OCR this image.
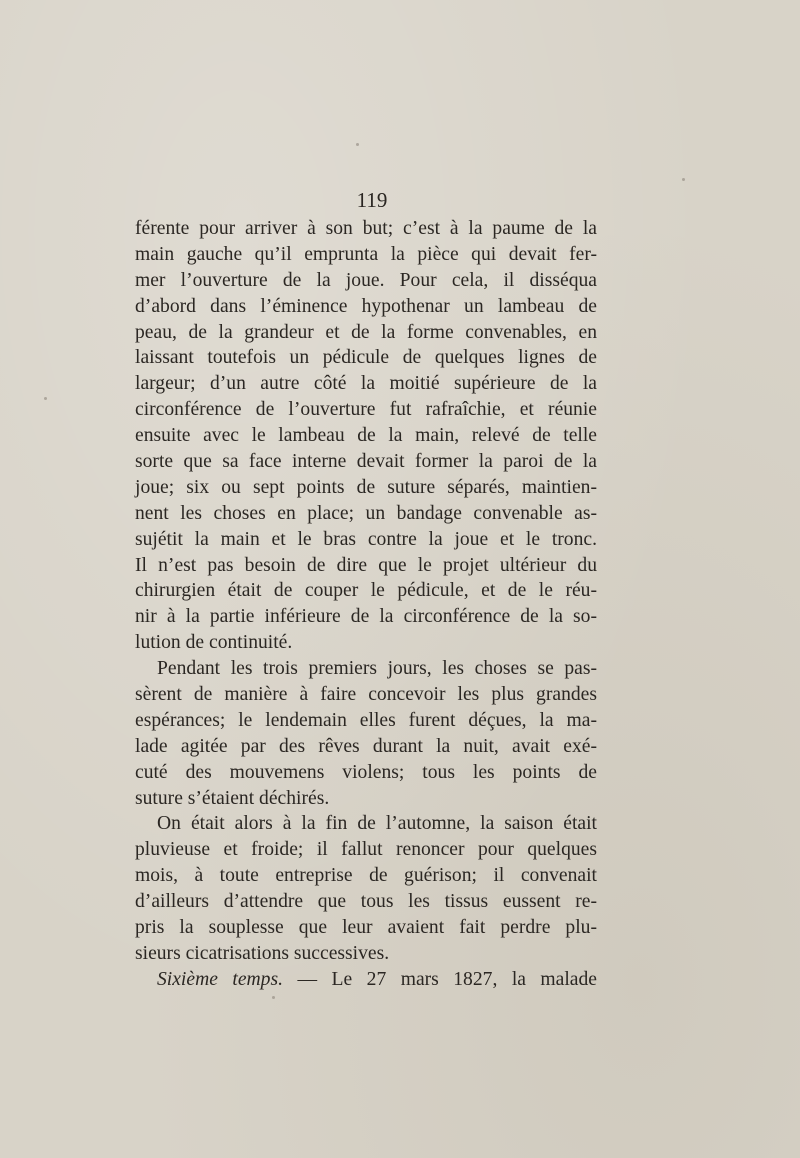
119
férente pour arriver à son but; c’est à la paume de la
main gauche qu’il emprunta la pièce qui devait fer-
mer l’ouverture de la joue. Pour cela, il disséqua
d’abord dans l’éminence hypothenar un lambeau de
peau, de la grandeur et de la forme convenables, en
laissant toutefois un pédicule de quelques lignes de
largeur; d’un autre côté la moitié supérieure de la
circonférence de l’ouverture fut rafraîchie, et réunie
ensuite avec le lambeau de la main, relevé de telle
sorte que sa face interne devait former la paroi de la
joue; six ou sept points de suture séparés, maintien-
nent les choses en place; un bandage convenable as-
sujétit la main et le bras contre la joue et le tronc.
Il n’est pas besoin de dire que le projet ultérieur du
chirurgien était de couper le pédicule, et de le réu-
nir à la partie inférieure de la circonférence de la so-
lution de continuité.
Pendant les trois premiers jours, les choses se pas-
sèrent de manière à faire concevoir les plus grandes
espérances; le lendemain elles furent déçues, la ma-
lade agitée par des rêves durant la nuit, avait exé-
cuté des mouvemens violens; tous les points de
suture s’étaient déchirés.
On était alors à la fin de l’automne, la saison était
pluvieuse et froide; il fallut renoncer pour quelques
mois, à toute entreprise de guérison; il convenait
d’ailleurs d’attendre que tous les tissus eussent re-
pris la souplesse que leur avaient fait perdre plu-
sieurs cicatrisations successives.
Sixième temps. — Le 27 mars 1827, la malade
